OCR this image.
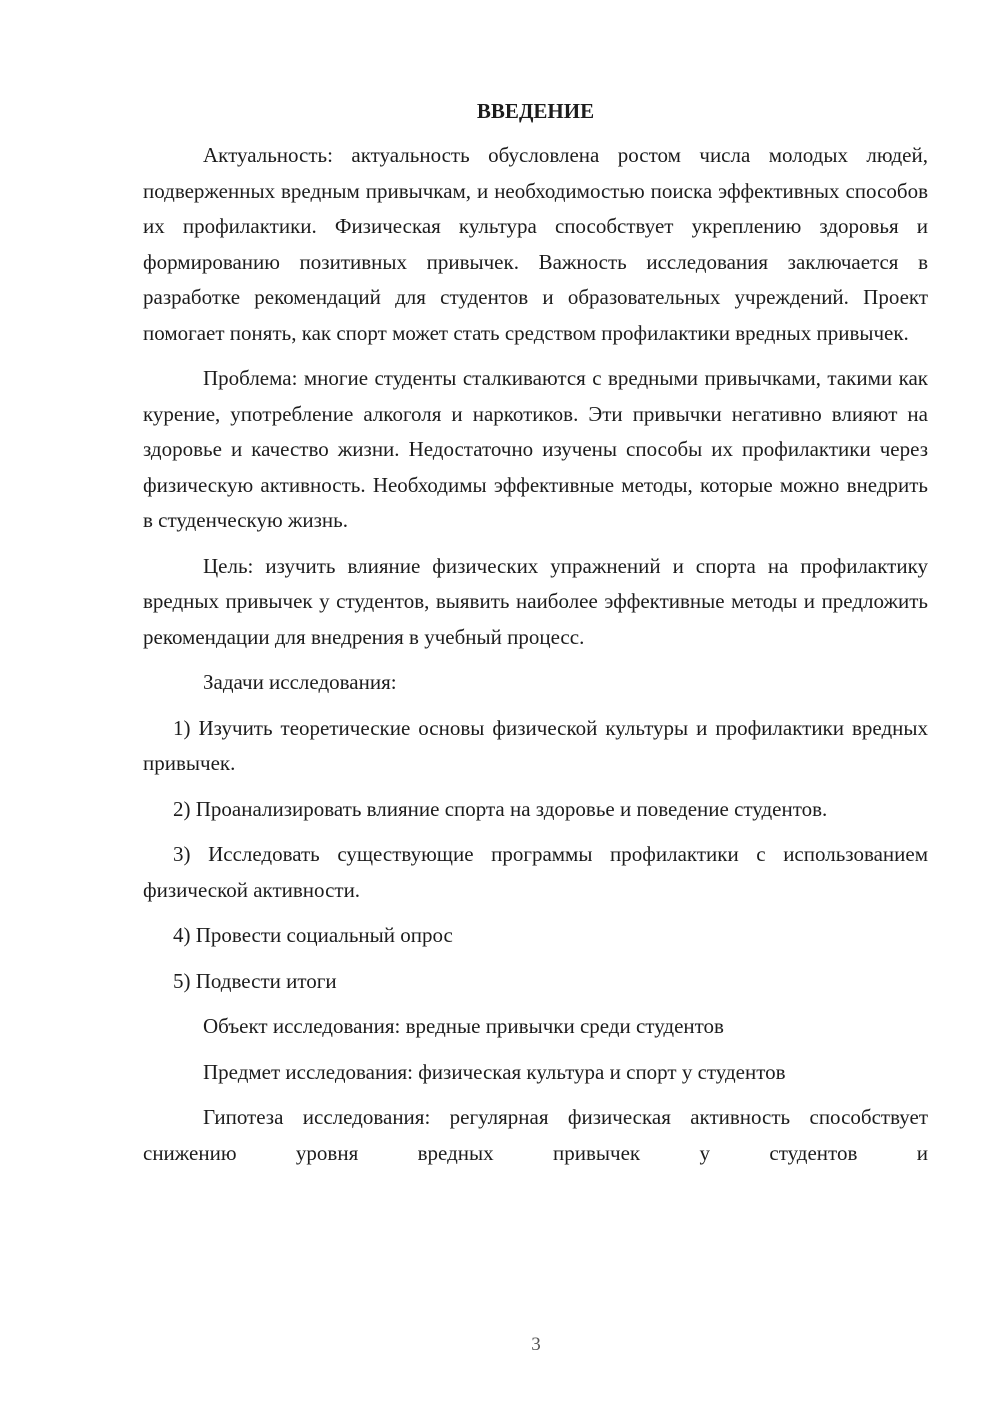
ВВЕДЕНИЕ

Актуальность: актуальность обусловлена ростом числа молодых людей, подверженных вредным привычкам, и необходимостью поиска эффективных способов их профилактики. Физическая культура способствует укреплению здоровья и формированию позитивных привычек. Важность исследования заключается в разработке рекомендаций для студентов и образовательных учреждений. Проект помогает понять, как спорт может стать средством профилактики вредных привычек.

Проблема: многие студенты сталкиваются с вредными привычками, такими как курение, употребление алкоголя и наркотиков. Эти привычки негативно влияют на здоровье и качество жизни. Недостаточно изучены способы их профилактики через физическую активность. Необходимы эффективные методы, которые можно внедрить в студенческую жизнь.

Цель: изучить влияние физических упражнений и спорта на профилактику вредных привычек у студентов, выявить наиболее эффективные методы и предложить рекомендации для внедрения в учебный процесс.

Задачи исследования:

1) Изучить теоретические основы физической культуры и профилактики вредных привычек.

2) Проанализировать влияние спорта на здоровье и поведение студентов.

3) Исследовать существующие программы профилактики с использованием физической активности.

4) Провести социальный опрос

5) Подвести итоги

Объект исследования: вредные привычки среди студентов

Предмет исследования: физическая культура и спорт у студентов

Гипотеза исследования: регулярная физическая активность способствует снижению уровня вредных привычек у студентов и

3
